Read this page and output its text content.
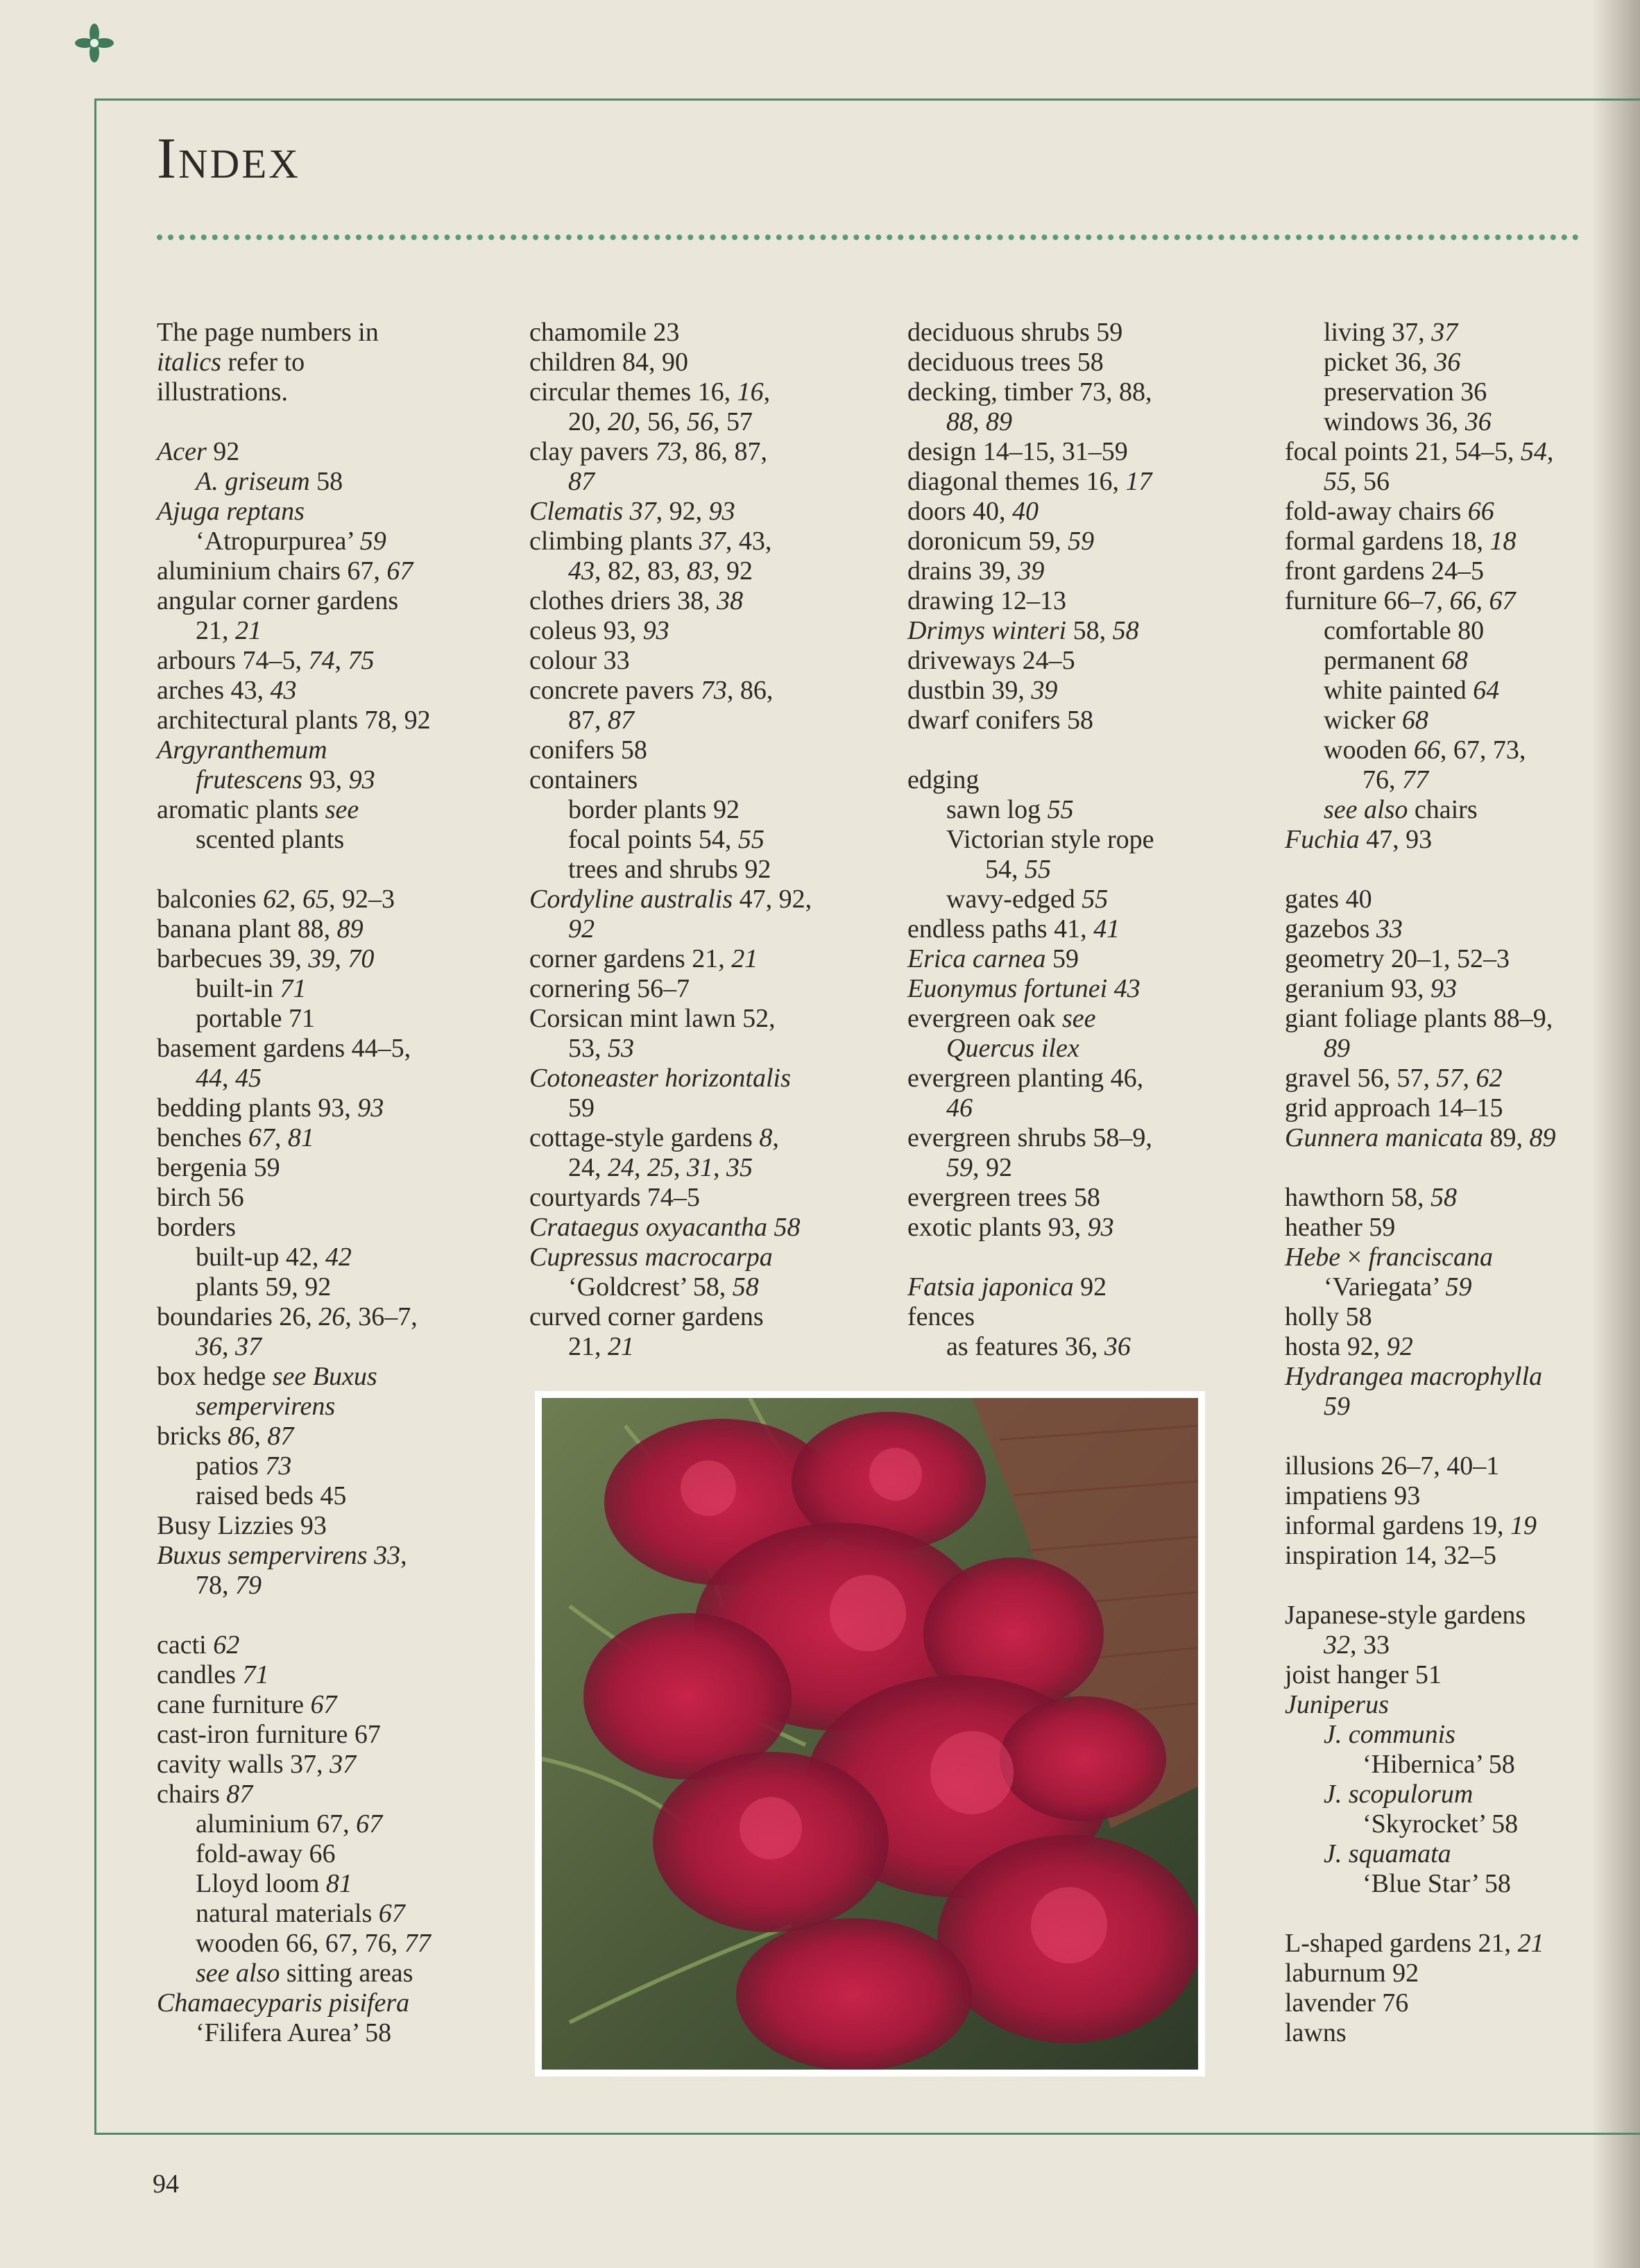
Index
The page numbers in
italics refer to
illustrations.
Acer 92
A. griseum 58
Ajuga reptans
‘Atropurpurea’ 59
aluminium chairs 67, 67
angular corner gardens
21, 21
arbours 74–5, 74, 75
arches 43, 43
architectural plants 78, 92
Argyranthemum
frutescens 93, 93
aromatic plants see
scented plants
balconies 62, 65, 92–3
banana plant 88, 89
barbecues 39, 39, 70
built-in 71
portable 71
basement gardens 44–5,
44, 45
bedding plants 93, 93
benches 67, 81
bergenia 59
birch 56
borders
built-up 42, 42
plants 59, 92
boundaries 26, 26, 36–7,
36, 37
box hedge see Buxus
sempervirens
bricks 86, 87
patios 73
raised beds 45
Busy Lizzies 93
Buxus sempervirens 33,
78, 79
cacti 62
candles 71
cane furniture 67
cast-iron furniture 67
cavity walls 37, 37
chairs 87
aluminium 67, 67
fold-away 66
Lloyd loom 81
natural materials 67
wooden 66, 67, 76, 77
see also sitting areas
Chamaecyparis pisifera
‘Filifera Aurea’ 58
chamomile 23
children 84, 90
circular themes 16, 16,
20, 20, 56, 56, 57
clay pavers 73, 86, 87,
87
Clematis 37, 92, 93
climbing plants 37, 43,
43, 82, 83, 83, 92
clothes driers 38, 38
coleus 93, 93
colour 33
concrete pavers 73, 86,
87, 87
conifers 58
containers
border plants 92
focal points 54, 55
trees and shrubs 92
Cordyline australis 47, 92,
92
corner gardens 21, 21
cornering 56–7
Corsican mint lawn 52,
53, 53
Cotoneaster horizontalis
59
cottage-style gardens 8,
24, 24, 25, 31, 35
courtyards 74–5
Crataegus oxyacantha 58
Cupressus macrocarpa
‘Goldcrest’ 58, 58
curved corner gardens
21, 21
deciduous shrubs 59
deciduous trees 58
decking, timber 73, 88,
88, 89
design 14–15, 31–59
diagonal themes 16, 17
doors 40, 40
doronicum 59, 59
drains 39, 39
drawing 12–13
Drimys winteri 58, 58
driveways 24–5
dustbin 39, 39
dwarf conifers 58
edging
sawn log 55
Victorian style rope
54, 55
wavy-edged 55
endless paths 41, 41
Erica carnea 59
Euonymus fortunei 43
evergreen oak see
Quercus ilex
evergreen planting 46,
46
evergreen shrubs 58–9,
59, 92
evergreen trees 58
exotic plants 93, 93
Fatsia japonica 92
fences
as features 36, 36
living 37, 37
picket 36, 36
preservation 36
windows 36, 36
focal points 21, 54–5, 54,
55, 56
fold-away chairs 66
formal gardens 18, 18
front gardens 24–5
furniture 66–7, 66, 67
comfortable 80
permanent 68
white painted 64
wicker 68
wooden 66, 67, 73,
76, 77
see also chairs
Fuchia 47, 93
gates 40
gazebos 33
geometry 20–1, 52–3
geranium 93, 93
giant foliage plants 88–9,
89
gravel 56, 57, 57, 62
grid approach 14–15
Gunnera manicata 89, 89
hawthorn 58, 58
heather 59
Hebe × franciscana
‘Variegata’ 59
holly 58
hosta 92, 92
Hydrangea macrophylla
59
illusions 26–7, 40–1
impatiens 93
informal gardens 19, 19
inspiration 14, 32–5
Japanese-style gardens
32, 33
joist hanger 51
Juniperus
J. communis
‘Hibernica’ 58
J. scopulorum
‘Skyrocket’ 58
J. squamata
‘Blue Star’ 58
L-shaped gardens 21, 21
laburnum 92
lavender 76
lawns
94
